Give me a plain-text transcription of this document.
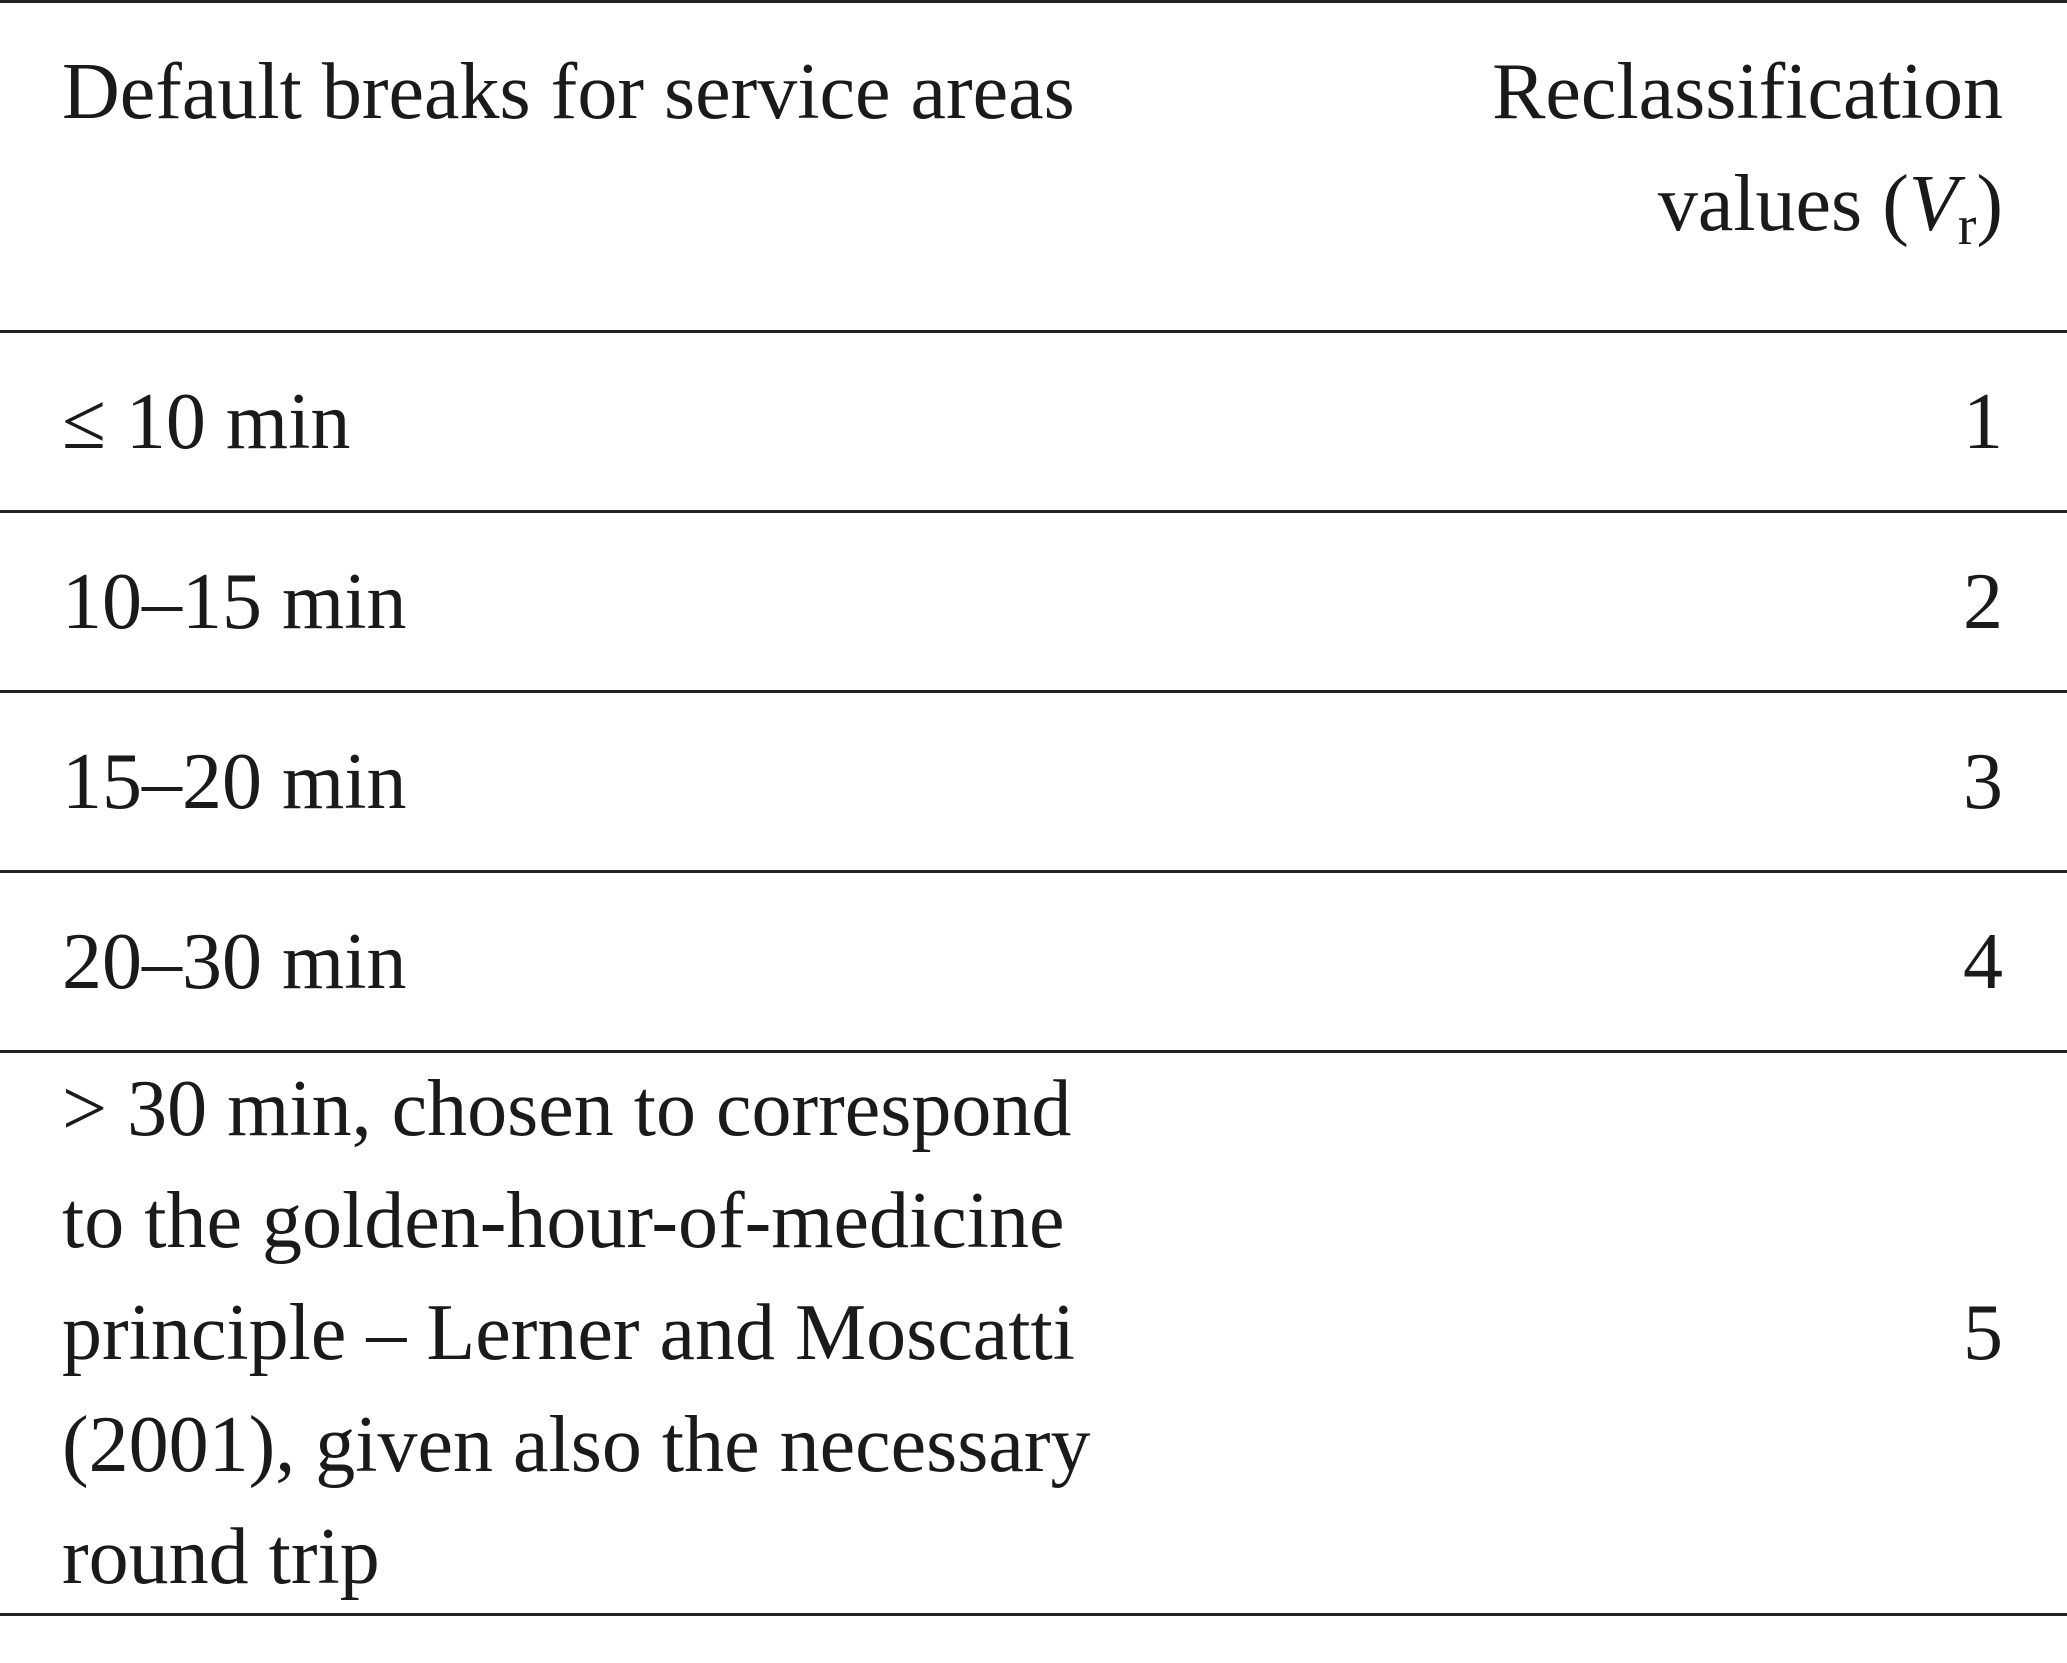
Default breaks for service areas	Reclassification
values (Vr)
≤ 10 min	1
10–15 min	2
15–20 min	3
20–30 min	4

> 30 min, chosen to correspond
to the golden-hour-of-medicine
principle – Lerner and Moscatti
(2001), given also the necessary
round trip	5
